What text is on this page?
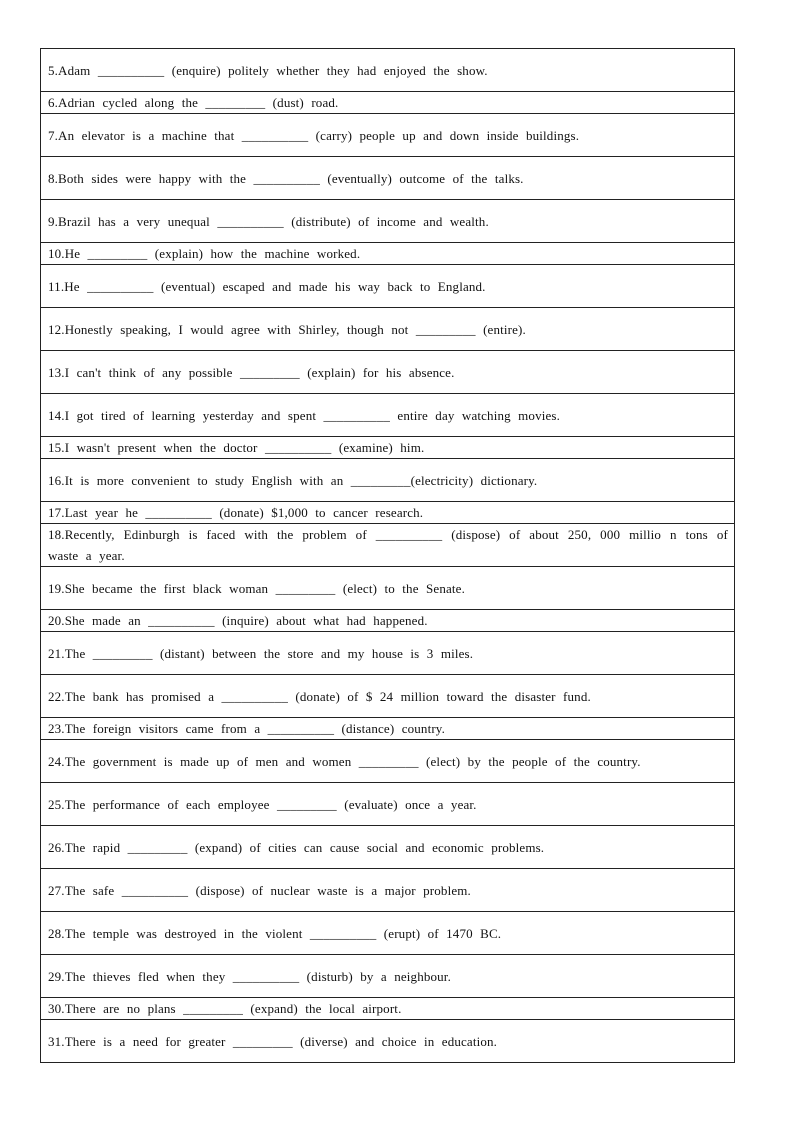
5.Adam __________ (enquire) politely whether they had enjoyed the show.
6.Adrian cycled along the _________ (dust) road.
7.An elevator is a machine that __________ (carry) people up and down inside buildings.
8.Both sides were happy with the __________ (eventually) outcome of the talks.
9.Brazil has a very unequal __________ (distribute) of income and wealth.
10.He _________ (explain) how the machine worked.
11.He __________ (eventual) escaped and made his way back to England.
12.Honestly speaking, I would agree with Shirley, though not _________ (entire).
13.I can't think of any possible _________ (explain) for his absence.
14.I got tired of learning yesterday and spent __________ entire day watching movies.
15.I wasn't present when the doctor __________ (examine) him.
16.It is more convenient to study English with an _________(electricity) dictionary.
17.Last year he __________ (donate) $1,000 to cancer research.
18.Recently, Edinburgh is faced with the problem of __________ (dispose) of about 250, 000 millio n tons of waste a year.
19.She became the first black woman _________ (elect) to the Senate.
20.She made an __________ (inquire) about what had happened.
21.The _________ (distant) between the store and my house is 3 miles.
22.The bank has promised a __________ (donate) of $ 24 million toward the disaster fund.
23.The foreign visitors came from a __________ (distance) country.
24.The government is made up of men and women _________ (elect) by the people of the country.
25.The performance of each employee _________ (evaluate) once a year.
26.The rapid _________ (expand) of cities can cause social and economic problems.
27.The safe __________ (dispose) of nuclear waste is a major problem.
28.The temple was destroyed in the violent __________ (erupt) of 1470 BC.
29.The thieves fled when they __________ (disturb) by a neighbour.
30.There are no plans _________ (expand) the local airport.
31.There is a need for greater _________ (diverse) and choice in education.
